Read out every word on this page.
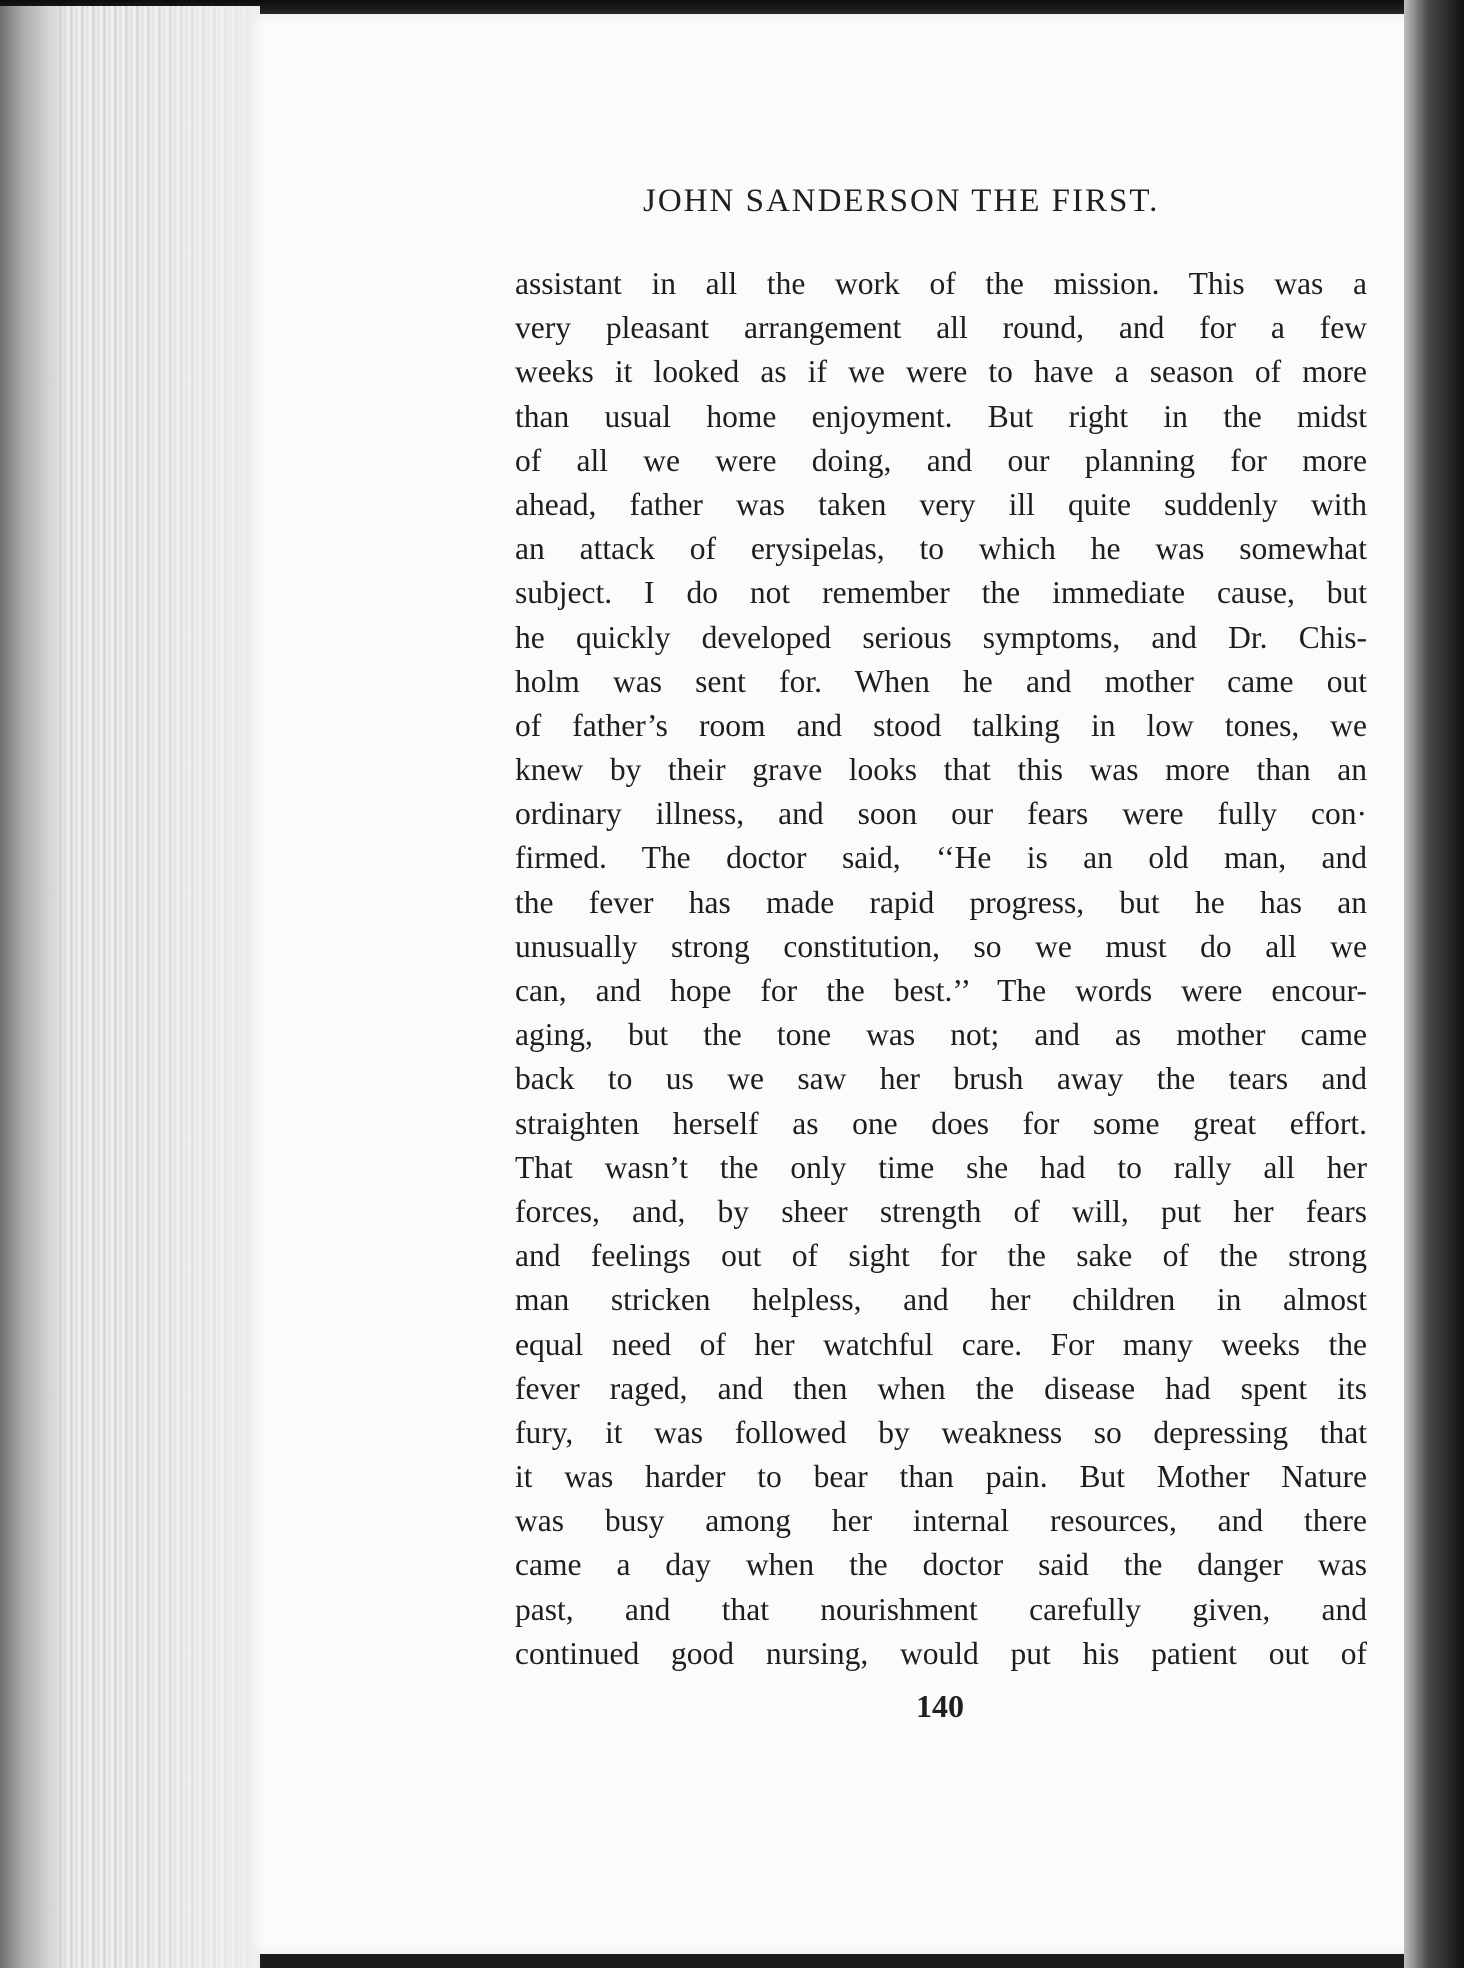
JOHN SANDERSON THE FIRST.
assistant in all the work of the mission. This was a
very pleasant arrangement all round, and for a few
weeks it looked as if we were to have a season of more
than usual home enjoyment. But right in the midst
of all we were doing, and our planning for more
ahead, father was taken very ill quite suddenly with
an attack of erysipelas, to which he was somewhat
subject. I do not remember the immediate cause, but
he quickly developed serious symptoms, and Dr. Chis-
holm was sent for. When he and mother came out
of father’s room and stood talking in low tones, we
knew by their grave looks that this was more than an
ordinary illness, and soon our fears were fully con·
firmed. The doctor said, ‘‘He is an old man, and
the fever has made rapid progress, but he has an
unusually strong constitution, so we must do all we
can, and hope for the best.’’ The words were encour-
aging, but the tone was not; and as mother came
back to us we saw her brush away the tears and
straighten herself as one does for some great effort.
That wasn’t the only time she had to rally all her
forces, and, by sheer strength of will, put her fears
and feelings out of sight for the sake of the strong
man stricken helpless, and her children in almost
equal need of her watchful care. For many weeks the
fever raged, and then when the disease had spent its
fury, it was followed by weakness so depressing that
it was harder to bear than pain. But Mother Nature
was busy among her internal resources, and there
came a day when the doctor said the danger was
past, and that nourishment carefully given, and
continued good nursing, would put his patient out of

140
